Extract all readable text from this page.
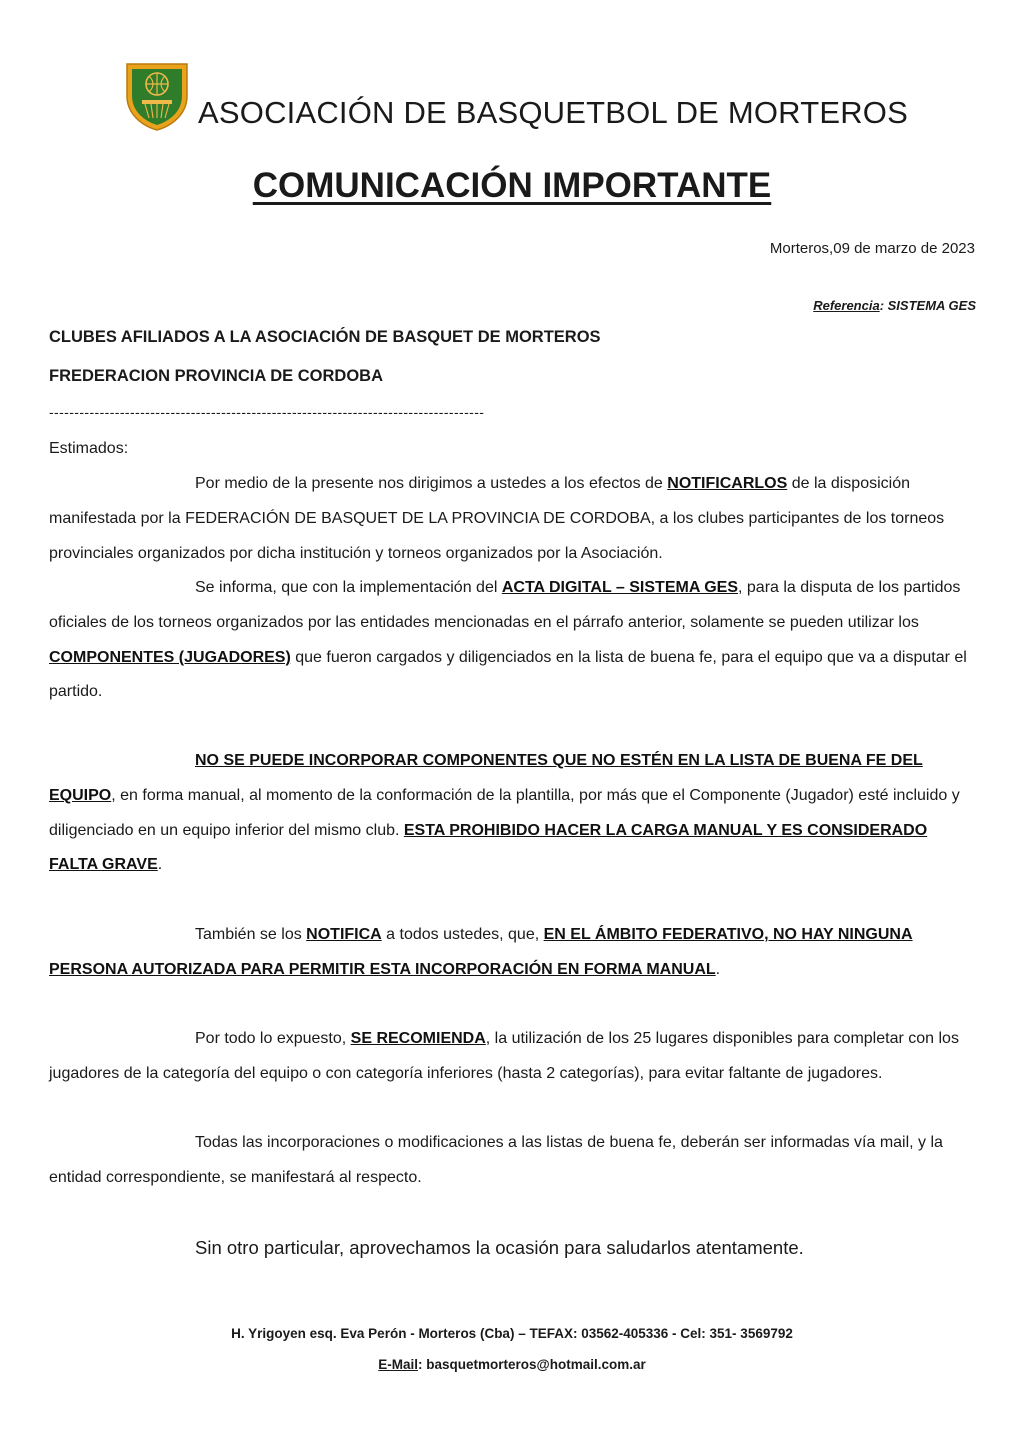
ASOCIACIÓN DE BASQUETBOL DE MORTEROS
COMUNICACIÓN IMPORTANTE
Morteros,09 de marzo de 2023
Referencia: SISTEMA GES
CLUBES AFILIADOS A LA ASOCIACIÓN DE BASQUET DE MORTEROS
FREDERACION PROVINCIA DE CORDOBA
--------------------------------------------------------------------------------------
Estimados:

Por medio de la presente nos dirigimos a ustedes a los efectos de NOTIFICARLOS de la disposición manifestada por la FEDERACIÓN DE BASQUET DE LA PROVINCIA DE CORDOBA, a los clubes participantes de los torneos provinciales organizados por dicha institución y torneos organizados por la Asociación.

Se informa, que con la implementación del ACTA DIGITAL – SISTEMA GES, para la disputa de los partidos oficiales de los torneos organizados por las entidades mencionadas en el párrafo anterior, solamente se pueden utilizar los COMPONENTES (JUGADORES) que fueron cargados y diligenciados en la lista de buena fe, para el equipo que va a disputar el partido.

NO SE PUEDE INCORPORAR COMPONENTES QUE NO ESTÉN EN LA LISTA DE BUENA FE DEL EQUIPO, en forma manual, al momento de la conformación de la plantilla, por más que el Componente (Jugador) esté incluido y diligenciado en un equipo inferior del mismo club. ESTA PROHIBIDO HACER LA CARGA MANUAL Y ES CONSIDERADO FALTA GRAVE.

También se los NOTIFICA a todos ustedes, que, EN EL ÁMBITO FEDERATIVO, NO HAY NINGUNA PERSONA AUTORIZADA PARA PERMITIR ESTA INCORPORACIÓN EN FORMA MANUAL.

Por todo lo expuesto, SE RECOMIENDA, la utilización de los 25 lugares disponibles para completar con los jugadores de la categoría del equipo o con categoría inferiores (hasta 2 categorías), para evitar faltante de jugadores.

Todas las incorporaciones o modificaciones a las listas de buena fe, deberán ser informadas vía mail, y la entidad correspondiente, se manifestará al respecto.

Sin otro particular, aprovechamos la ocasión para saludarlos atentamente.
H. Yrigoyen esq. Eva Perón - Morteros (Cba) – TEFAX: 03562-405336 - Cel: 351- 3569792
E-Mail: basquetmorteros@hotmail.com.ar
